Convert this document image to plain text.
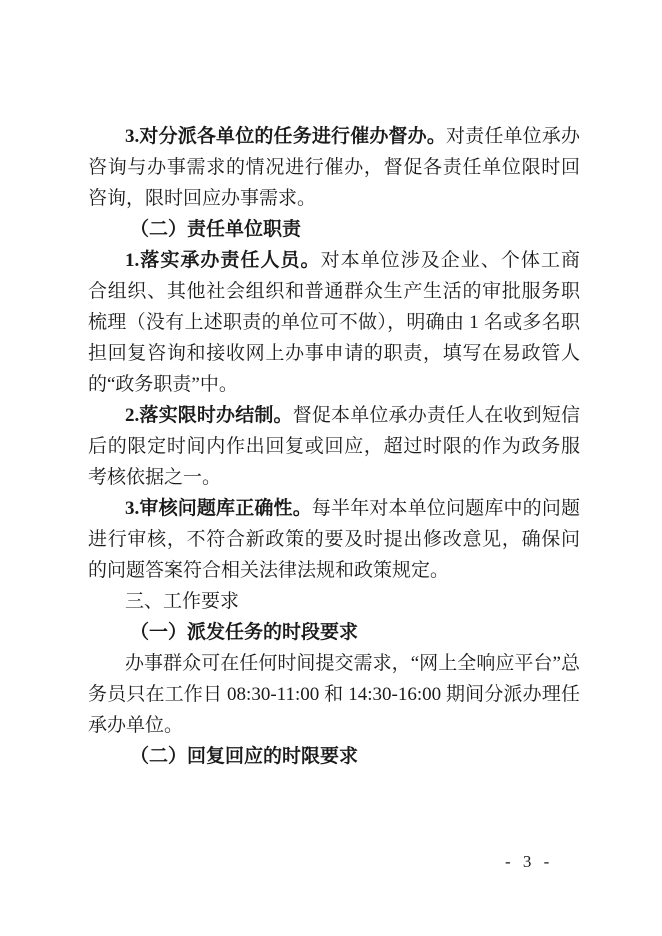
3.对分派各单位的任务进行催办督办。对责任单位承办
咨询与办事需求的情况进行催办，督促各责任单位限时回
咨询，限时回应办事需求。
（二）责任单位职责
1.落实承办责任人员。对本单位涉及企业、个体工商
合组织、其他社会组织和普通群众生产生活的审批服务职
梳理（没有上述职责的单位可不做），明确由 1 名或多名职
担回复咨询和接收网上办事申请的职责，填写在易政管人
的“政务职责”中。
2.落实限时办结制。督促本单位承办责任人在收到短信
后的限定时间内作出回复或回应，超过时限的作为政务服
考核依据之一。
3.审核问题库正确性。每半年对本单位问题库中的问题
进行审核，不符合新政策的要及时提出修改意见，确保问
的问题答案符合相关法律法规和政策规定。
三、工作要求
（一）派发任务的时段要求
办事群众可在任何时间提交需求，“网上全响应平台”总
务员只在工作日 08:30-11:00 和 14:30-16:00 期间分派办理任
承办单位。
（二）回复回应的时限要求
- 3 -
